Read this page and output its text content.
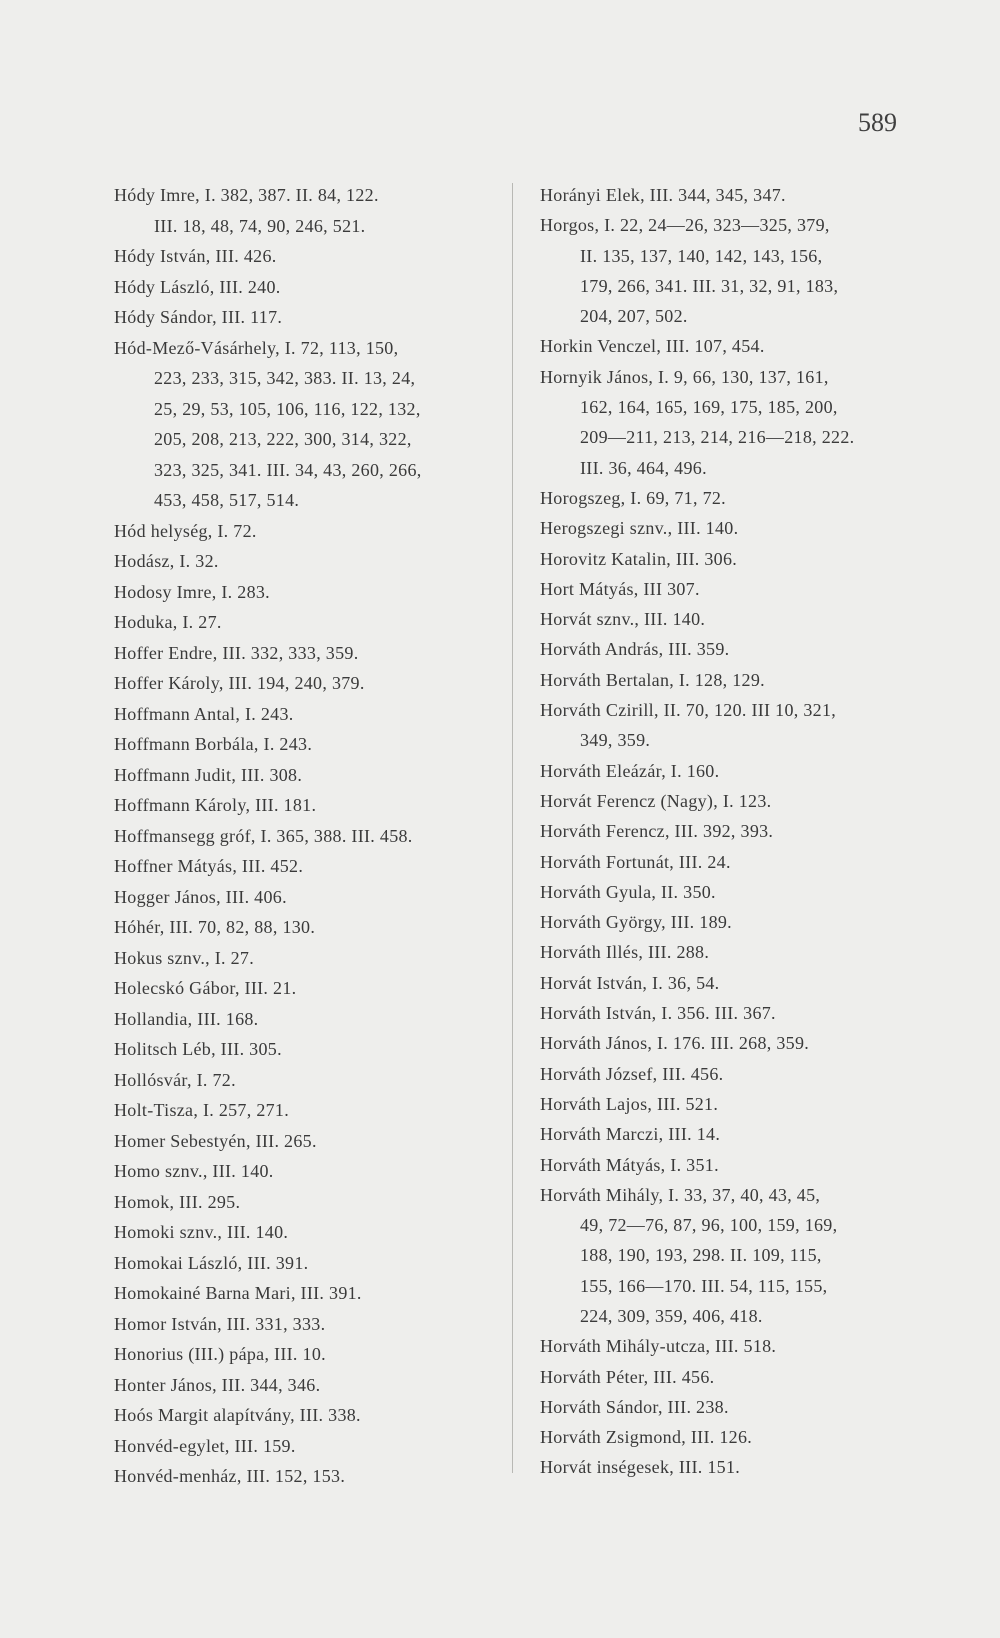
589
Hódy Imre, I. 382, 387. II. 84, 122.
III. 18, 48, 74, 90, 246, 521.
Hódy István, III. 426.
Hódy László, III. 240.
Hódy Sándor, III. 117.
Hód-Mező-Vásárhely, I. 72, 113, 150,
223, 233, 315, 342, 383. II. 13, 24,
25, 29, 53, 105, 106, 116, 122, 132,
205, 208, 213, 222, 300, 314, 322,
323, 325, 341. III. 34, 43, 260, 266,
453, 458, 517, 514.
Hód helység, I. 72.
Hodász, I. 32.
Hodosy Imre, I. 283.
Hoduka, I. 27.
Hoffer Endre, III. 332, 333, 359.
Hoffer Károly, III. 194, 240, 379.
Hoffmann Antal, I. 243.
Hoffmann Borbála, I. 243.
Hoffmann Judit, III. 308.
Hoffmann Károly, III. 181.
Hoffmansegg gróf, I. 365, 388. III. 458.
Hoffner Mátyás, III. 452.
Hogger János, III. 406.
Hóhér, III. 70, 82, 88, 130.
Hokus sznv., I. 27.
Holecskó Gábor, III. 21.
Hollandia, III. 168.
Holitsch Léb, III. 305.
Hollósvár, I. 72.
Holt-Tisza, I. 257, 271.
Homer Sebestyén, III. 265.
Homo sznv., III. 140.
Homok, III. 295.
Homoki sznv., III. 140.
Homokai László, III. 391.
Homokainé Barna Mari, III. 391.
Homor István, III. 331, 333.
Honorius (III.) pápa, III. 10.
Honter János, III. 344, 346.
Hoós Margit alapítvány, III. 338.
Honvéd-egylet, III. 159.
Honvéd-menház, III. 152, 153.
Horányi Elek, III. 344, 345, 347.
Horgos, I. 22, 24—26, 323—325, 379,
II. 135, 137, 140, 142, 143, 156,
179, 266, 341. III. 31, 32, 91, 183,
204, 207, 502.
Horkin Venczel, III. 107, 454.
Hornyik János, I. 9, 66, 130, 137, 161,
162, 164, 165, 169, 175, 185, 200,
209—211, 213, 214, 216—218, 222.
III. 36, 464, 496.
Horogszeg, I. 69, 71, 72.
Herogszegi sznv., III. 140.
Horovitz Katalin, III. 306.
Hort Mátyás, III 307.
Horvát sznv., III. 140.
Horváth András, III. 359.
Horváth Bertalan, I. 128, 129.
Horváth Czirill, II. 70, 120. III 10, 321,
349, 359.
Horváth Eleázár, I. 160.
Horvát Ferencz (Nagy), I. 123.
Horváth Ferencz, III. 392, 393.
Horváth Fortunát, III. 24.
Horváth Gyula, II. 350.
Horváth György, III. 189.
Horváth Illés, III. 288.
Horvát István, I. 36, 54.
Horváth István, I. 356. III. 367.
Horváth János, I. 176. III. 268, 359.
Horváth József, III. 456.
Horváth Lajos, III. 521.
Horváth Marczi, III. 14.
Horváth Mátyás, I. 351.
Horváth Mihály, I. 33, 37, 40, 43, 45,
49, 72—76, 87, 96, 100, 159, 169,
188, 190, 193, 298. II. 109, 115,
155, 166—170. III. 54, 115, 155,
224, 309, 359, 406, 418.
Horváth Mihály-utcza, III. 518.
Horváth Péter, III. 456.
Horváth Sándor, III. 238.
Horváth Zsigmond, III. 126.
Horvát inségesek, III. 151.
